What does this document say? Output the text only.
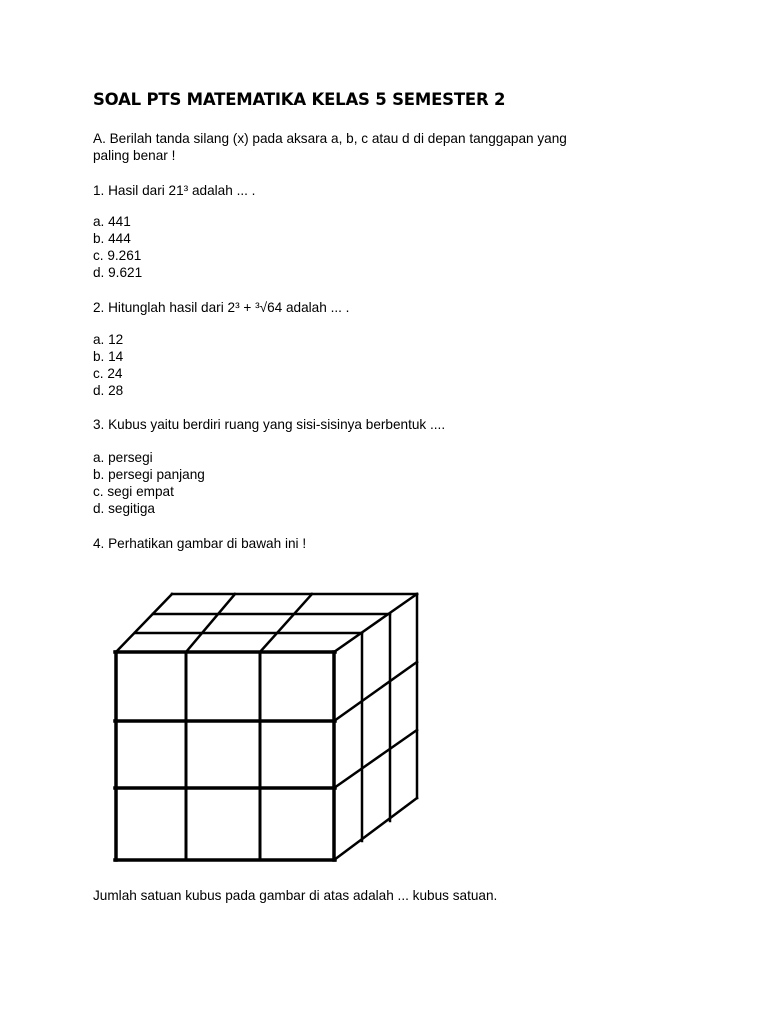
SOAL PTS MATEMATIKA KELAS 5 SEMESTER 2
A. Berilah tanda silang (x) pada aksara a, b, c atau d di depan tanggapan yang
paling benar !
1. Hasil dari 21³ adalah ... .
a. 441
b. 444
c. 9.261
d. 9.621
2. Hitunglah hasil dari 2³ + ³√64 adalah ... .
a. 12
b. 14
c. 24
d. 28
3. Kubus yaitu berdiri ruang yang sisi-sisinya berbentuk ....
a. persegi
b. persegi panjang
c. segi empat
d. segitiga
4. Perhatikan gambar di bawah ini !
Jumlah satuan kubus pada gambar di atas adalah ... kubus satuan.
